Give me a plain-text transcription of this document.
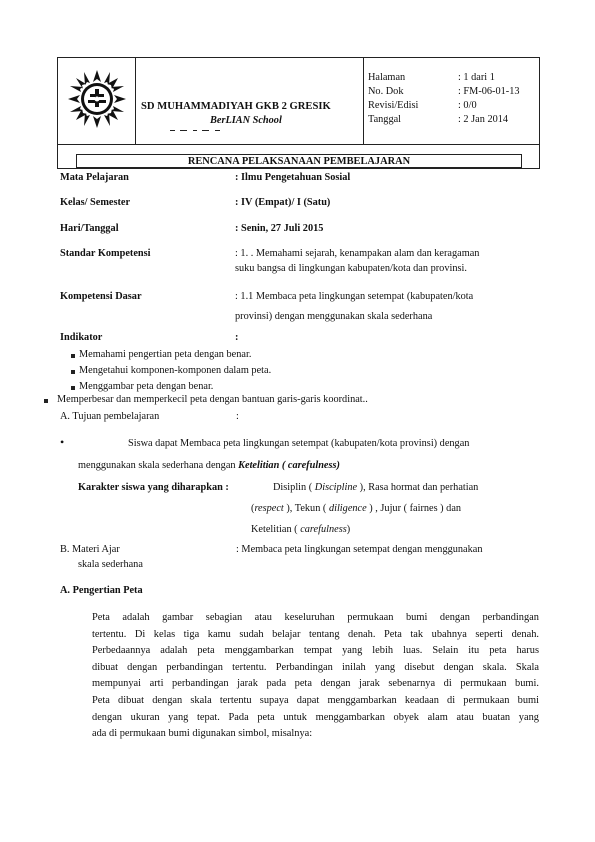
SD MUHAMMADIYAH GKB 2 GRESIK
BerLIAN School
Halaman	: 1 dari 1
No. Dok	: FM-06-01-13
Revisi/Edisi	: 0/0
Tanggal	: 2 Jan 2014
RENCANA PELAKSANAAN PEMBELAJARAN
Mata Pelajaran	: Ilmu Pengetahuan Sosial
Kelas/ Semester	: IV (Empat)/ I (Satu)
Hari/Tanggal	: Senin, 27 Juli 2015
Standar Kompetensi	: 1. . Memahami sejarah, kenampakan alam dan keragaman
suku bangsa di lingkungan kabupaten/kota dan provinsi.
Kompetensi Dasar	: 1.1 Membaca peta lingkungan setempat (kabupaten/kota
provinsi) dengan menggunakan skala sederhana
Indikator	:
Memahami pengertian peta dengan benar.
Mengetahui komponen-komponen dalam peta.
Menggambar peta dengan benar.
Memperbesar dan memperkecil peta dengan bantuan garis-garis koordinat..
A. Tujuan pembelajaran	:
•	Siswa dapat Membaca peta lingkungan setempat (kabupaten/kota provinsi) dengan
menggunakan skala sederhana dengan Ketelitian ( carefulness)
Karakter siswa yang diharapkan :	Disiplin ( Discipline ), Rasa hormat dan perhatian
(respect ), Tekun ( diligence ) , Jujur ( fairnes ) dan
Ketelitian ( carefulness)
B. Materi Ajar	: Membaca peta lingkungan setempat dengan menggunakan
skala sederhana
A. Pengertian Peta
Peta adalah gambar sebagian atau keseluruhan permukaan bumi dengan perbandingan
tertentu. Di kelas tiga kamu sudah belajar tentang denah. Peta tak ubahnya seperti denah.
Perbedaannya adalah peta menggambarkan tempat yang lebih luas. Selain itu peta harus
dibuat dengan perbandingan tertentu. Perbandingan inilah yang disebut dengan skala. Skala
mempunyai arti perbandingan jarak pada peta dengan jarak sebenarnya di permukaan bumi.
Peta dibuat dengan skala tertentu supaya dapat menggambarkan keadaan di permukaan bumi
dengan ukuran yang tepat. Pada peta untuk menggambarkan obyek alam atau buatan yang
ada di permukaan bumi digunakan simbol, misalnya:
